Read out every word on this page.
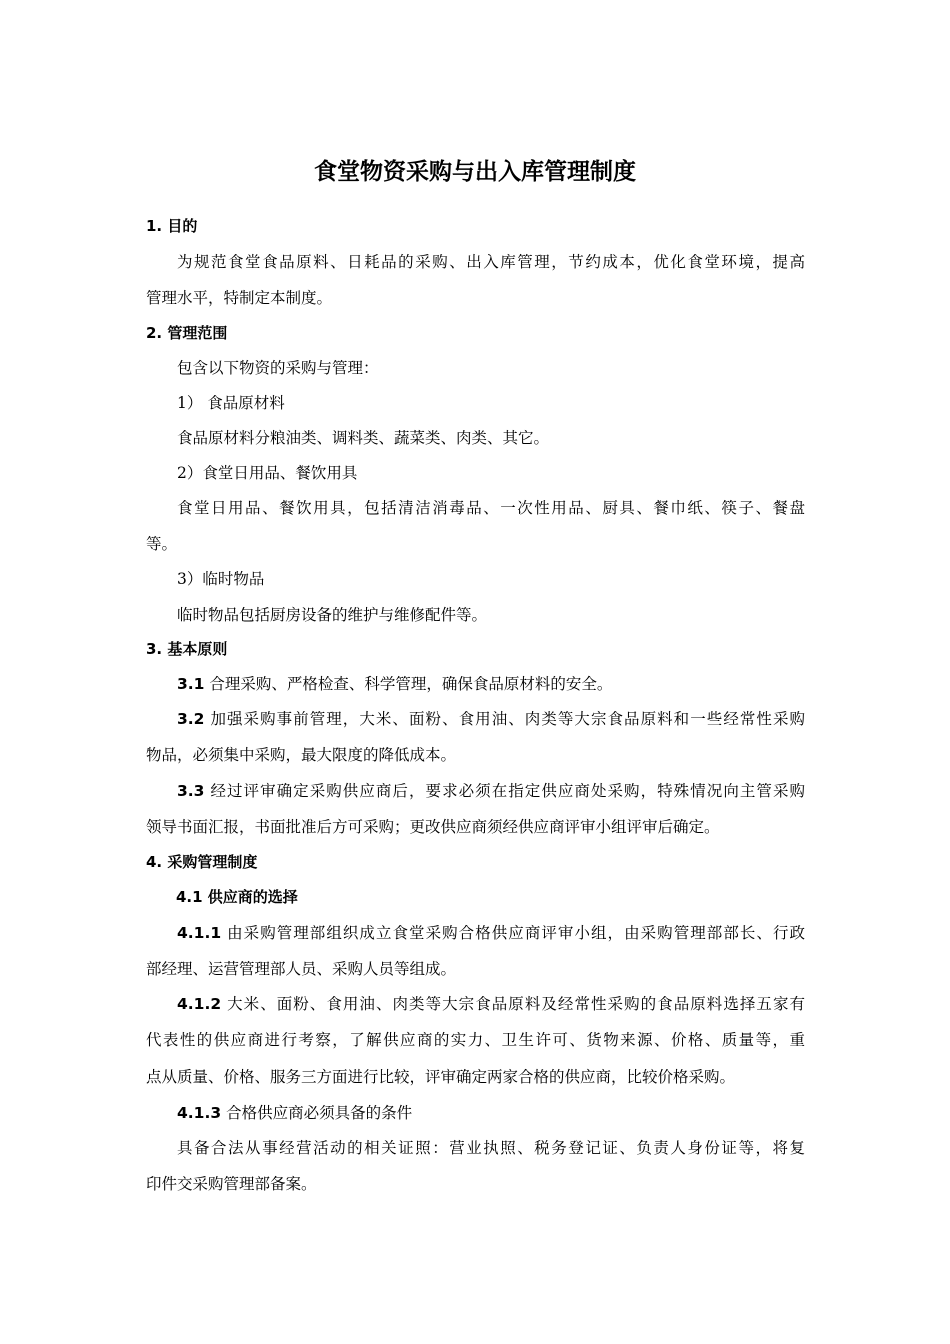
食堂物资采购与出入库管理制度
1. 目的
为规范食堂食品原料、日耗品的采购、出入库管理，节约成本，优化食堂环境，提高
管理水平，特制定本制度。
2. 管理范围
包含以下物资的采购与管理：
1） 食品原材料
食品原材料分粮油类、调料类、蔬菜类、肉类、其它。
2）食堂日用品、餐饮用具
食堂日用品、餐饮用具，包括清洁消毒品、一次性用品、厨具、餐巾纸、筷子、餐盘
等。
3）临时物品
临时物品包括厨房设备的维护与维修配件等。
3. 基本原则
3.1 合理采购、严格检查、科学管理，确保食品原材料的安全。
3.2 加强采购事前管理，大米、面粉、食用油、肉类等大宗食品原料和一些经常性采购
物品，必须集中采购，最大限度的降低成本。
3.3 经过评审确定采购供应商后，要求必须在指定供应商处采购，特殊情况向主管采购
领导书面汇报，书面批准后方可采购；更改供应商须经供应商评审小组评审后确定。
4. 采购管理制度
4.1 供应商的选择
4.1.1 由采购管理部组织成立食堂采购合格供应商评审小组，由采购管理部部长、行政
部经理、运营管理部人员、采购人员等组成。
4.1.2 大米、面粉、食用油、肉类等大宗食品原料及经常性采购的食品原料选择五家有
代表性的供应商进行考察，了解供应商的实力、卫生许可、货物来源、价格、质量等，重
点从质量、价格、服务三方面进行比较，评审确定两家合格的供应商，比较价格采购。
4.1.3 合格供应商必须具备的条件
具备合法从事经营活动的相关证照：营业执照、税务登记证、负责人身份证等，将复
印件交采购管理部备案。
